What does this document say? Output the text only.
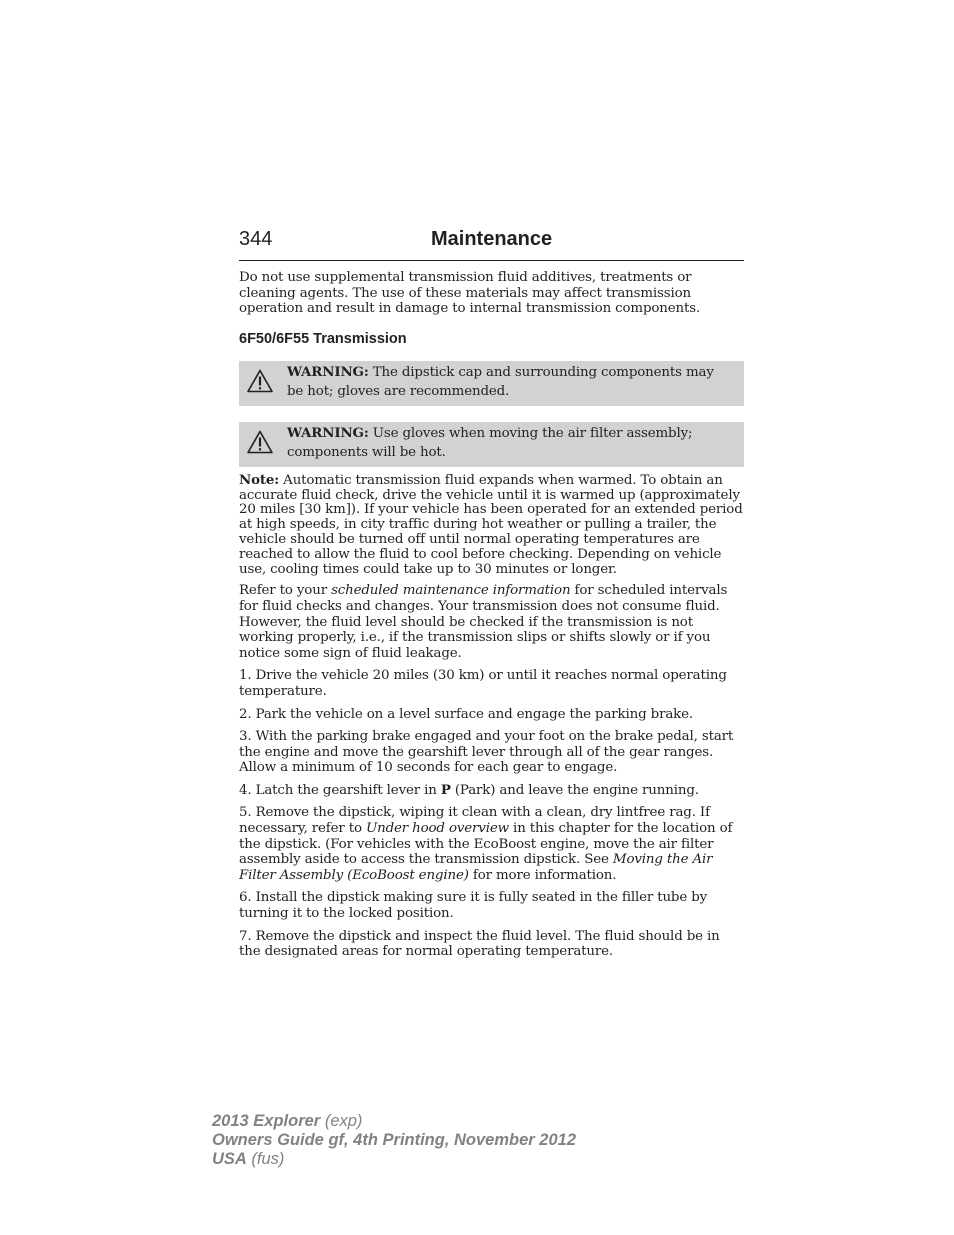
344	Maintenance

Do not use supplemental transmission fluid additives, treatments or cleaning agents. The use of these materials may affect transmission operation and result in damage to internal transmission components.

6F50/6F55 Transmission

WARNING: The dipstick cap and surrounding components may be hot; gloves are recommended.
WARNING: Use gloves when moving the air filter assembly; components will be hot.

Note: Automatic transmission fluid expands when warmed. To obtain an accurate fluid check, drive the vehicle until it is warmed up (approximately 20 miles [30 km]). If your vehicle has been operated for an extended period at high speeds, in city traffic during hot weather or pulling a trailer, the vehicle should be turned off until normal operating temperatures are reached to allow the fluid to cool before checking. Depending on vehicle use, cooling times could take up to 30 minutes or longer.

Refer to your scheduled maintenance information for scheduled intervals for fluid checks and changes. Your transmission does not consume fluid. However, the fluid level should be checked if the transmission is not working properly, i.e., if the transmission slips or shifts slowly or if you notice some sign of fluid leakage.

1. Drive the vehicle 20 miles (30 km) or until it reaches normal operating temperature.

2. Park the vehicle on a level surface and engage the parking brake.

3. With the parking brake engaged and your foot on the brake pedal, start the engine and move the gearshift lever through all of the gear ranges. Allow a minimum of 10 seconds for each gear to engage.

4. Latch the gearshift lever in P (Park) and leave the engine running.

5. Remove the dipstick, wiping it clean with a clean, dry lintfree rag. If necessary, refer to Under hood overview in this chapter for the location of the dipstick. (For vehicles with the EcoBoost engine, move the air filter assembly aside to access the transmission dipstick. See Moving the Air Filter Assembly (EcoBoost engine) for more information.

6. Install the dipstick making sure it is fully seated in the filler tube by turning it to the locked position.

7. Remove the dipstick and inspect the fluid level. The fluid should be in the designated areas for normal operating temperature.

2013 Explorer (exp)
Owners Guide gf, 4th Printing, November 2012
USA (fus)
